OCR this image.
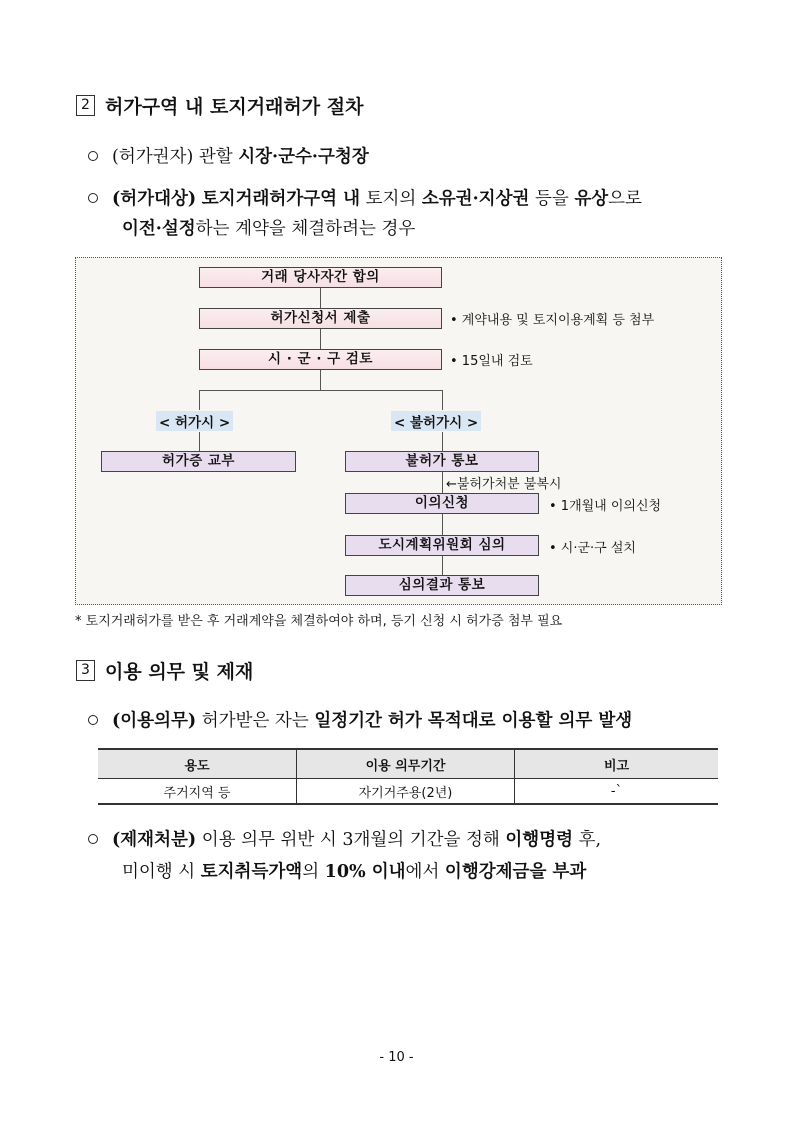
2 허가구역 내 토지거래허가 절차
(허가권자) 관할 시장·군수·구청장
(허가대상) 토지거래허가구역 내 토지의 소유권·지상권 등을 유상으로
이전·설정하는 계약을 체결하려는 경우
거래 당사자간 합의
허가신청서 제출	• 계약내용 및 토지이용계획 등 첨부
시 · 군 · 구 검토	• 15일내 검토
< 허가시 >	< 불허가시 >
허가증 교부	불허가 통보
←불허가처분 불복시
이의신청	• 1개월내 이의신청
도시계획위원회 심의	• 시·군·구 설치
심의결과 통보
* 토지거래허가를 받은 후 거래계약을 체결하여야 하며, 등기 신청 시 허가증 첨부 필요
3 이용 의무 및 제재
(이용의무) 허가받은 자는 일정기간 허가 목적대로 이용할 의무 발생
용도	이용 의무기간	비고
주거지역 등	자기거주용(2년)	-`
(제재처분) 이용 의무 위반 시 3개월의 기간을 정해 이행명령 후,
미이행 시 토지취득가액의 10% 이내에서 이행강제금을 부과
- 10 -
